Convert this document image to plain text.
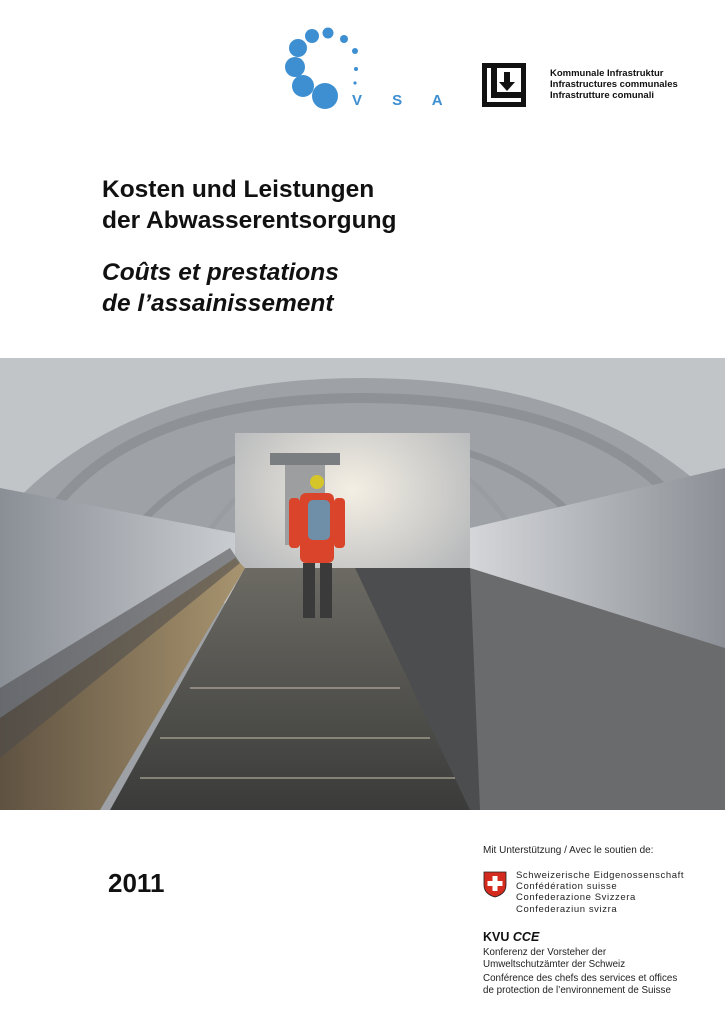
V S A
Kommunale Infrastruktur
Infrastructures communales
Infrastrutture comunali
Kosten und Leistungen
der Abwasserentsorgung
Coûts et prestations
de l’assainissement
2011
Mit Unterstützung / Avec le soutien de:
Schweizerische Eidgenossenschaft
Confédération suisse
Confederazione Svizzera
Confederaziun svizra
KVU CCE
Konferenz der Vorsteher der
Umweltschutzämter der Schweiz
Conférence des chefs des services et offices
de protection de l’environnement de Suisse
